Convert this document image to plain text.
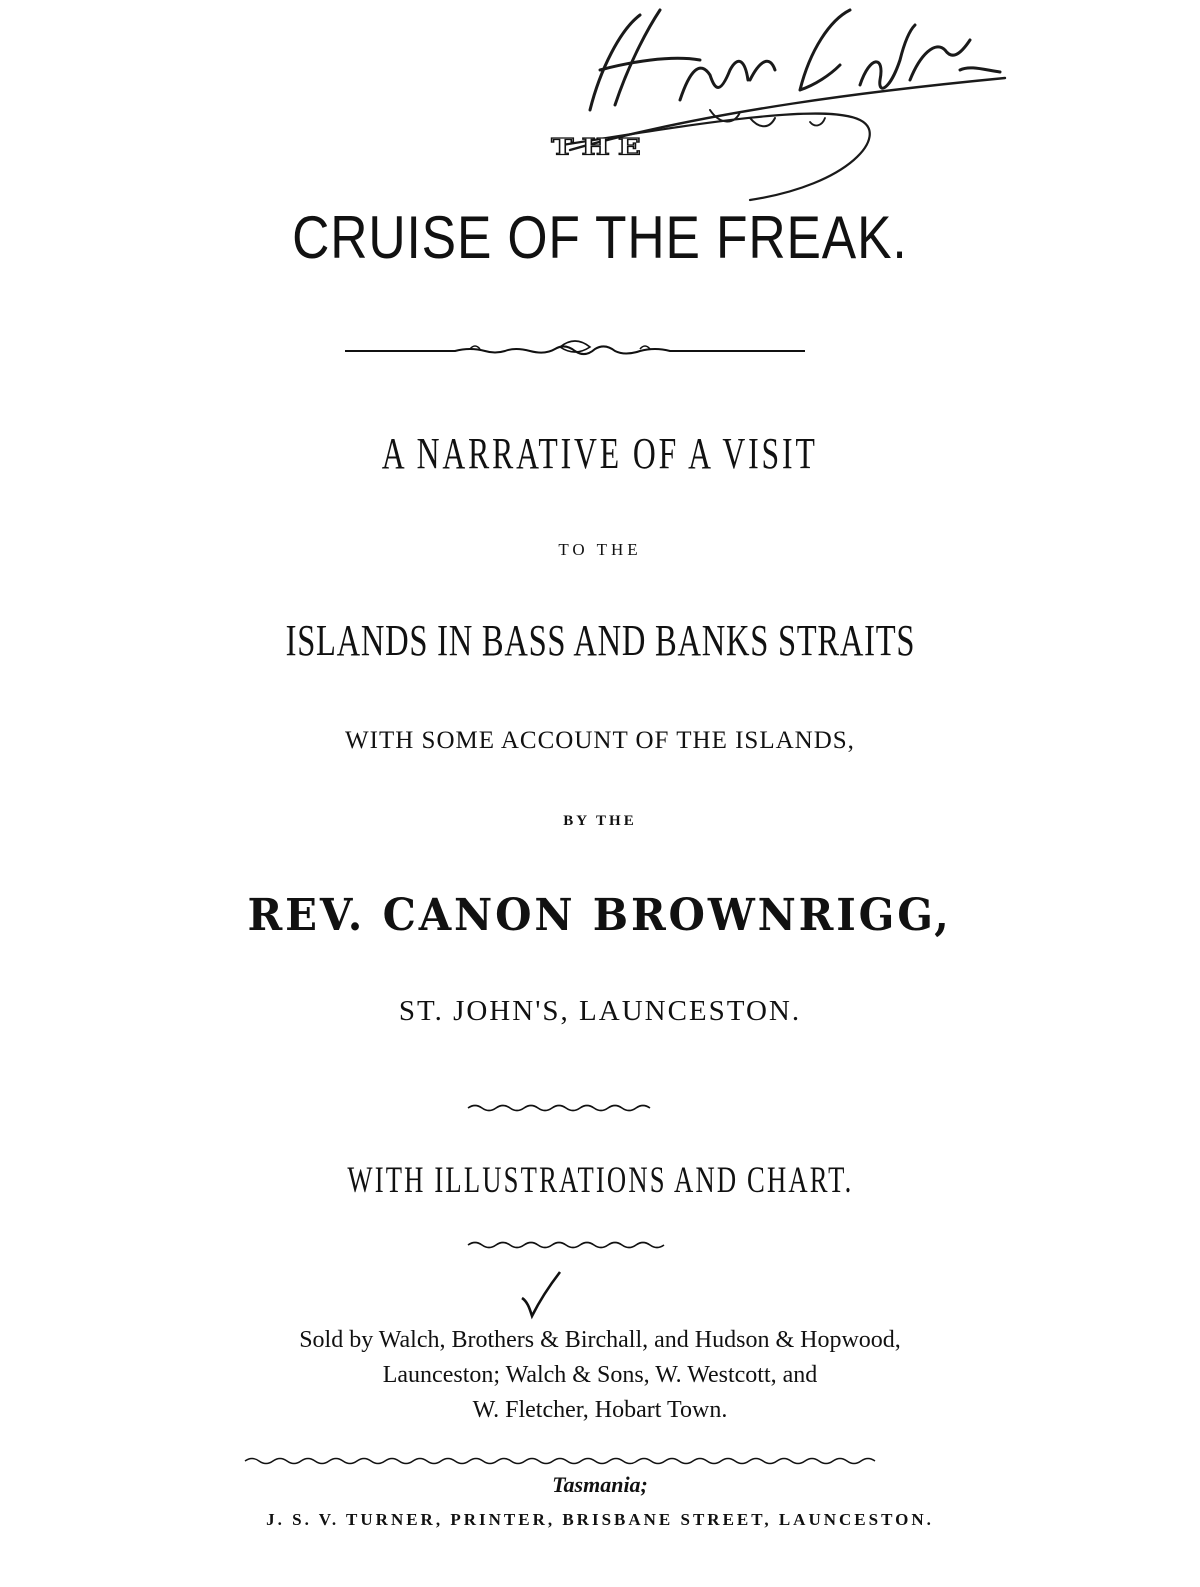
THE
CRUISE OF THE FREAK.
A NARRATIVE OF A VISIT
TO THE
ISLANDS IN BASS AND BANKS STRAITS
WITH SOME ACCOUNT OF THE ISLANDS,
BY THE
REV. CANON BROWNRIGG,
ST. JOHN'S, LAUNCESTON.
WITH ILLUSTRATIONS AND CHART.
Sold by Walch, Brothers & Birchall, and Hudson & Hopwood,
Launceston; Walch & Sons, W. Westcott, and
W. Fletcher, Hobart Town.
Tasmania;
J. S. V. TURNER, PRINTER, BRISBANE STREET, LAUNCESTON.
